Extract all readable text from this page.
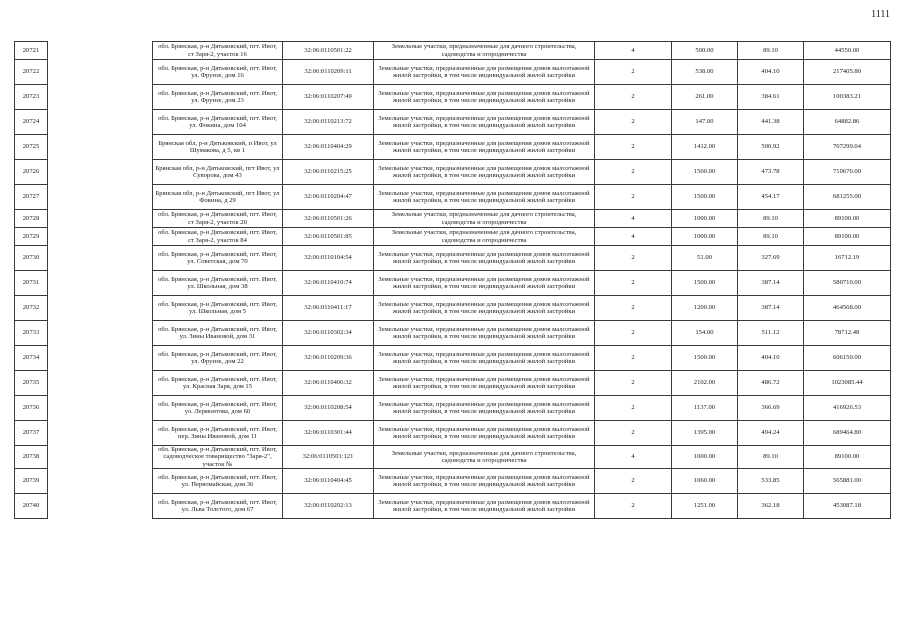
1111
20721		обл. Брянская, р-н Дятьковский, пгт. Ивот, ст Заря-2, участок 16	32:06:0110501:22	Земельные участки, предназначенные для дачного строительства, садоводства и огородничества	4	500.00	89.10	44550.00
20722		обл. Брянская, р-н Дятьковский, пгт. Ивот, ул. Фрунзе, дом 16	32:06:0110209:11	Земельные участки, предназначенные для размещения домов малоэтажной жилой застройки, в том числе индивидуальной жилой застройки	2	538.00	404.10	217405.80
20723		обл. Брянская, р-н Дятьковский, пгт. Ивот, ул. Фрунзе, дом 23	32:06:0110207:49	Земельные участки, предназначенные для размещения домов малоэтажной жилой застройки, в том числе индивидуальной жилой застройки	2	261.00	384.61	100383.21
20724		обл. Брянская, р-н Дятьковский, пгт. Ивот, ул. Фокина, дом 104	32:06:0110213:72	Земельные участки, предназначенные для размещения домов малоэтажной жилой застройки, в том числе индивидуальной жилой застройки	2	147.00	441.38	64882.86
20725		Брянская обл, р-н Дятьковский, п Ивот, ул Шумакова, д 5, кв 1	32:06:0110404:29	Земельные участки, предназначенные для размещения домов малоэтажной жилой застройки, в том числе индивидуальной жилой застройки	2	1412.00	500.92	707299.04
20726		Брянская обл, р-н Дятьковский, пгт Ивот, ул Суворова, дом 43	32:06:0110215:25	Земельные участки, предназначенные для размещения домов малоэтажной жилой застройки, в том числе индивидуальной жилой застройки	2	1500.00	473.78	710670.00
20727		Брянская обл, р-н Дятьковский, пгт Ивот, ул Фокина, д 29	32:06:0110204:47	Земельные участки, предназначенные для размещения домов малоэтажной жилой застройки, в том числе индивидуальной жилой застройки	2	1500.00	454.17	681255.00
20728		обл. Брянская, р-н Дятьковский, пгт. Ивот, ст Заря-2, участок 20	32:06:0110501:26	Земельные участки, предназначенные для дачного строительства, садоводства и огородничества	4	1000.00	89.10	89100.00
20729		обл. Брянская, р-н Дятьковский, пгт. Ивот, ст Заря-2, участок 84	32:06:0110501:85	Земельные участки, предназначенные для дачного строительства, садоводства и огородничества	4	1000.00	89.10	89100.00
20730		обл. Брянская, р-н Дятьковский, пгт. Ивот, ул. Советская, дом 70	32:06:0110104:54	Земельные участки, предназначенные для размещения домов малоэтажной жилой застройки, в том числе индивидуальной жилой застройки	2	51.00	327.69	16712.19
20731		обл. Брянская, р-н Дятьковский, пгт. Ивот, ул. Школьная, дом 38	32:06:0110410:74	Земельные участки, предназначенные для размещения домов малоэтажной жилой застройки, в том числе индивидуальной жилой застройки	2	1500.00	387.14	580710.00
20732		обл. Брянская, р-н Дятьковский, пгт. Ивот, ул. Школьная, дом 5	32:06:0110411:17	Земельные участки, предназначенные для размещения домов малоэтажной жилой застройки, в том числе индивидуальной жилой застройки	2	1200.00	387.14	464568.00
20733		обл. Брянская, р-н Дятьковский, пгт. Ивот, ул. Зины Ивановой, дом 31	32:06:0110302:34	Земельные участки, предназначенные для размещения домов малоэтажной жилой застройки, в том числе индивидуальной жилой застройки	2	154.00	511.12	78712.48
20734		обл. Брянская, р-н Дятьковский, пгт. Ивот, ул. Фрунзе, дом 22	32:06:0110209:36	Земельные участки, предназначенные для размещения домов малоэтажной жилой застройки, в том числе индивидуальной жилой застройки	2	1500.00	404.10	606150.00
20735		обл. Брянская, р-н Дятьковский, пгт. Ивот, ул. Красная Заря, дом 15	32:06:0110406:32	Земельные участки, предназначенные для размещения домов малоэтажной жилой застройки, в том числе индивидуальной жилой застройки	2	2102.00	486.72	1023085.44
20736		обл. Брянская, р-н Дятьковский, пгт. Ивот, ул. Лермонтова, дом 60	32:06:0110208:54	Земельные участки, предназначенные для размещения домов малоэтажной жилой застройки, в том числе индивидуальной жилой застройки	2	1137.00	366.69	416926.53
20737		обл. Брянская, р-н Дятьковский, пгт. Ивот, пер. Зины Ивановой, дом 11	32:06:0110301:44	Земельные участки, предназначенные для размещения домов малоэтажной жилой застройки, в том числе индивидуальной жилой застройки	2	1395.00	494.24	689464.80
20738		обл. Брянская, р-н Дятьковский, пгт. Ивот, садоводческое товарищество "Заря-2", участок №	32:06:0110501:121	Земельные участки, предназначенные для дачного строительства, садоводства и огородничества	4	1000.00	89.10	89100.00
20739		обл. Брянская, р-н Дятьковский, пгт. Ивот, ул. Первомайская, дом 36	32:06:0110404:45	Земельные участки, предназначенные для размещения домов малоэтажной жилой застройки, в том числе индивидуальной жилой застройки	2	1060.00	533.85	565881.00
20740		обл. Брянская, р-н Дятьковский, пгт. Ивот, ул. Льва Толстого, дом 67	32:06:0110202:13	Земельные участки, предназначенные для размещения домов малоэтажной жилой застройки, в том числе индивидуальной жилой застройки	2	1251.00	362.18	453087.18
